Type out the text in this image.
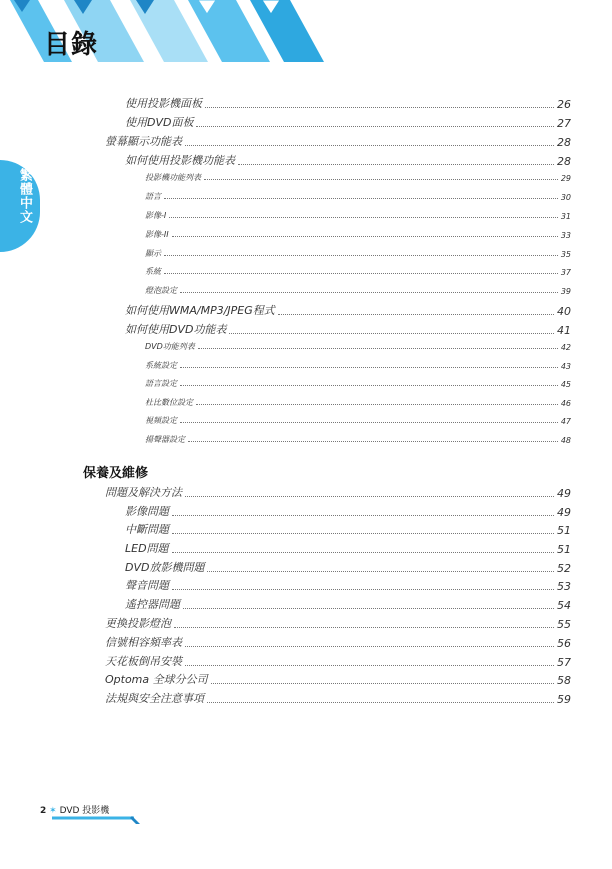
目錄
繁體中文
使用投影機面板	26
使用DVD面板	27
螢幕顯示功能表	28
如何使用投影機功能表	28
投影機功能列表	29
語言	30
影像-I	31
影像-II	33
顯示	35
系統	37
燈泡設定	39
如何使用WMA/MP3/JPEG程式	40
如何使用DVD功能表	41
DVD功能列表	42
系統設定	43
語言設定	45
杜比數位設定	46
視頻設定	47
揚聲器設定	48
保養及維修
問題及解決方法	49
影像問題	49
中斷問題	51
LED問題	51
DVD放影機問題	52
聲音問題	53
遙控器問題	54
更換投影燈泡	55
信號相容頻率表	56
天花板倒吊安裝	57
Optoma 全球分公司	58
法規與安全注意事項	59
2 ✶ DVD 投影機
